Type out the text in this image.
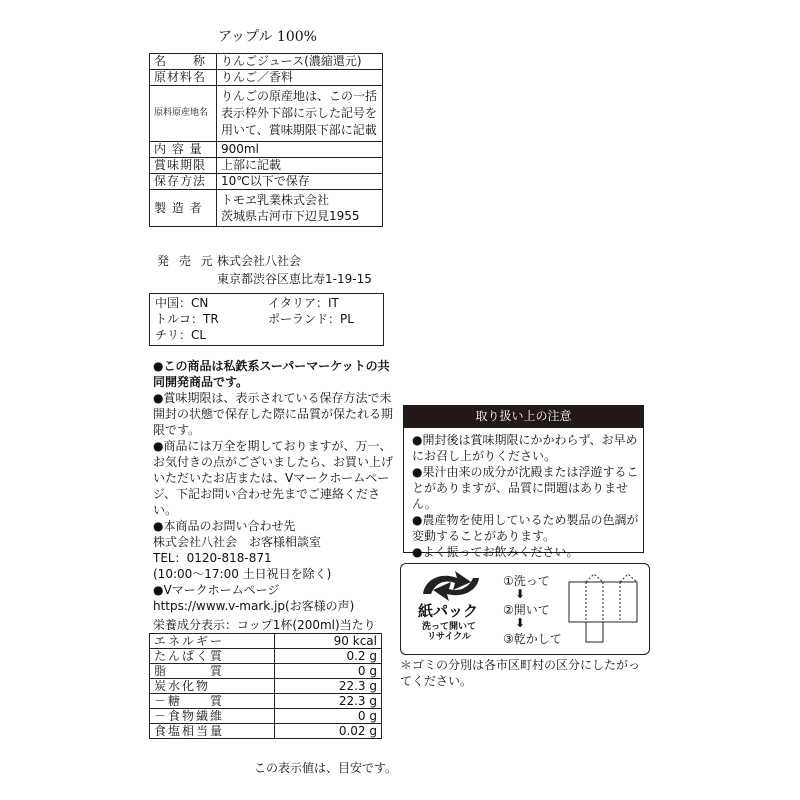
アップル 100%
名　　称	りんごジュース(濃縮還元)
原材料名	りんご／香料
原料原産地名	りんごの原産地は、この一括表示枠外下部に示した記号を用いて、賞味期限下部に記載
内 容 量	900ml
賞味期限	上部に記載
保存方法	10℃以下で保存
製 造 者	トモヱ乳業株式会社
茨城県古河市下辺見1955
発 売 元 株式会社八社会
東京都渋谷区恵比寿1-19-15
中国：CN	イタリア：IT
トルコ：TR	ポーランド：PL
チリ：CL

●この商品は私鉄系スーパーマーケットの共同開発商品です。

●賞味期限は、表示されている保存方法で未開封の状態で保存した際に品質が保たれる期限です。

●商品には万全を期しておりますが、万一、お気付きの点がございましたら、お買い上げいただいたお店または、Vマークホームページ、下記お問い合わせ先までご連絡ください。

●本商品のお問い合わせ先
株式会社八社会　お客様相談室
TEL：0120-818-871
(10:00～17:00 土日祝日を除く)

●Vマークホームページ
https://www.v-mark.jp(お客様の声)

栄養成分表示：コップ1杯(200ml)当たり
エネルギー	90 kcal
たんぱく質	0.2 g
脂　　　質	0 g
炭水化物	22.3 g
－糖　　質	22.3 g
－食物繊維	0 g
食塩相当量	0.02 g
この表示値は、目安です。
取り扱い上の注意

●開封後は賞味期限にかかわらず、お早めにお召し上がりください。

●果汁由来の成分が沈殿または浮遊することがありますが、品質に問題はありません。

●農産物を使用しているため製品の色調が変動することがあります。

●よく振ってお飲みください。

紙パック
洗って開いて
リサイクル
①洗って
⬇
②開いて
⬇
③乾かして
＊ゴミの分別は各市区町村の区分にしたがってください。
